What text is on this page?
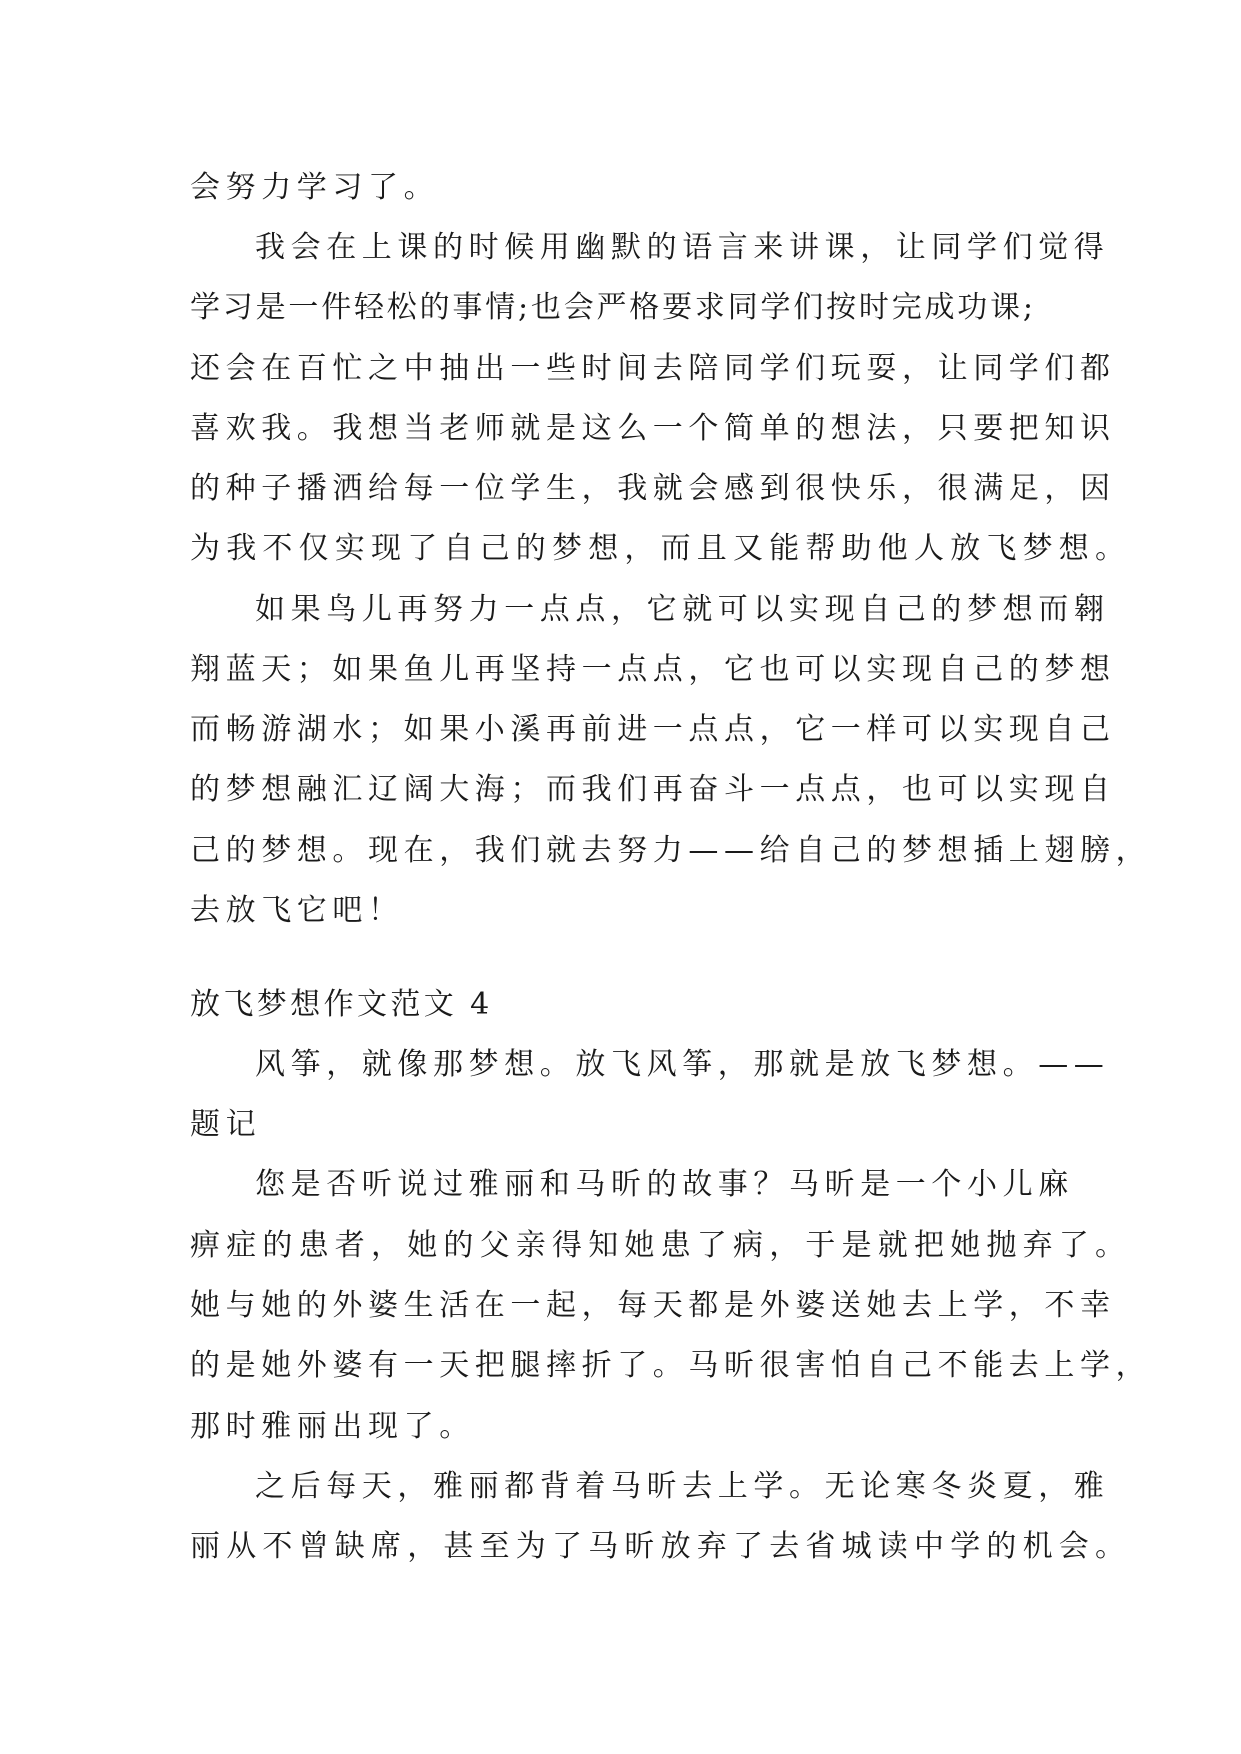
会努力学习了。
我会在上课的时候用幽默的语言来讲课，让同学们觉得
学习是一件轻松的事情;也会严格要求同学们按时完成功课;
还会在百忙之中抽出一些时间去陪同学们玩耍，让同学们都
喜欢我。我想当老师就是这么一个简单的想法，只要把知识
的种子播洒给每一位学生，我就会感到很快乐，很满足，因
为我不仅实现了自己的梦想，而且又能帮助他人放飞梦想。
如果鸟儿再努力一点点，它就可以实现自己的梦想而翱
翔蓝天；如果鱼儿再坚持一点点，它也可以实现自己的梦想
而畅游湖水；如果小溪再前进一点点，它一样可以实现自己
的梦想融汇辽阔大海；而我们再奋斗一点点，也可以实现自
己的梦想。现在，我们就去努力——给自己的梦想插上翅膀，
去放飞它吧！
放飞梦想作文范文 4
风筝，就像那梦想。放飞风筝，那就是放飞梦想。——
题记
您是否听说过雅丽和马昕的故事？马昕是一个小儿麻
痹症的患者，她的父亲得知她患了病，于是就把她抛弃了。
她与她的外婆生活在一起，每天都是外婆送她去上学，不幸
的是她外婆有一天把腿摔折了。马昕很害怕自己不能去上学，
那时雅丽出现了。
之后每天，雅丽都背着马昕去上学。无论寒冬炎夏，雅
丽从不曾缺席，甚至为了马昕放弃了去省城读中学的机会。
